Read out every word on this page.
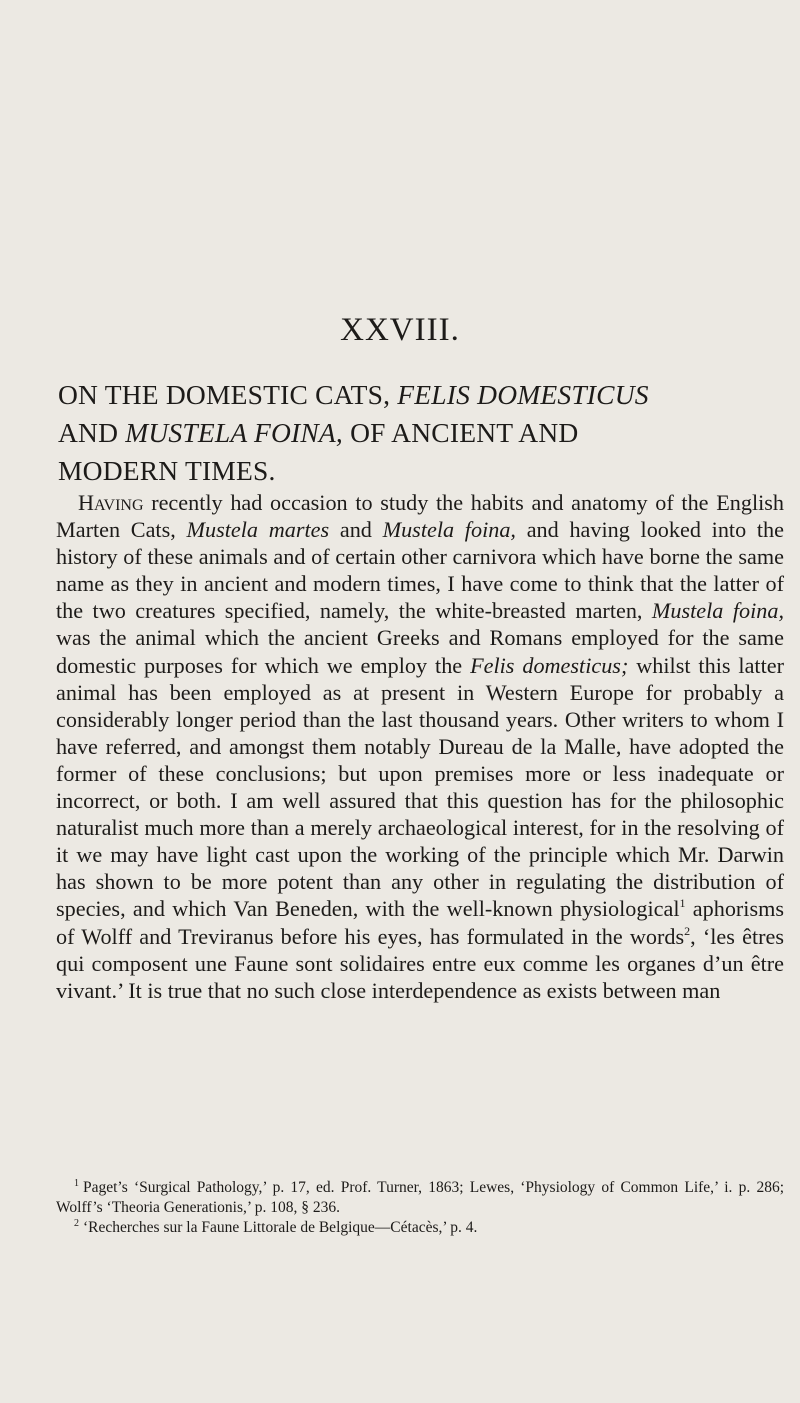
XXVIII.
ON THE DOMESTIC CATS, FELIS DOMESTICUS
AND MUSTELA FOINA, OF ANCIENT AND
MODERN TIMES.

Having recently had occasion to study the habits and anatomy of the English Marten Cats, Mustela martes and Mustela foina, and having looked into the history of these animals and of certain other carnivora which have borne the same name as they in ancient and modern times, I have come to think that the latter of the two creatures specified, namely, the white-breasted marten, Mustela foina, was the animal which the ancient Greeks and Romans employed for the same domestic purposes for which we employ the Felis domesticus; whilst this latter animal has been employed as at present in Western Europe for probably a considerably longer period than the last thousand years. Other writers to whom I have referred, and amongst them notably Dureau de la Malle, have adopted the former of these conclusions; but upon premises more or less inadequate or incorrect, or both. I am well assured that this question has for the philosophic naturalist much more than a merely archaeological interest, for in the resolving of it we may have light cast upon the working of the principle which Mr. Darwin has shown to be more potent than any other in regulating the distribution of species, and which Van Beneden, with the well-known physiological$^1$ aphorisms of Wolff and Treviranus before his eyes, has formulated in the words$^2$, ‘les êtres qui composent une Faune sont solidaires entre eux comme les organes d’un être vivant.’ It is true that no such close interdependence as exists between man

$^1$ Paget’s ‘Surgical Pathology,’ p. 17, ed. Prof. Turner, 1863; Lewes, ‘Physiology of Common Life,’ i. p. 286; Wolff’s ‘Theoria Generationis,’ p. 108, § 236.

$^2$ ‘Recherches sur la Faune Littorale de Belgique—Cétacès,’ p. 4.
